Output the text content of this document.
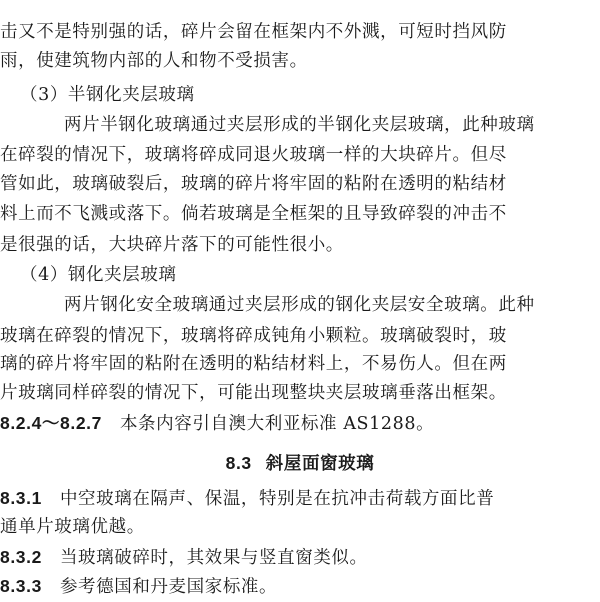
击又不是特别强的话，碎片会留在框架内不外溅，可短时挡风防
雨，使建筑物内部的人和物不受损害。
（3）半钢化夹层玻璃
两片半钢化玻璃通过夹层形成的半钢化夹层玻璃，此种玻璃
在碎裂的情况下，玻璃将碎成同退火玻璃一样的大块碎片。但尽
管如此，玻璃破裂后，玻璃的碎片将牢固的粘附在透明的粘结材
料上而不飞溅或落下。倘若玻璃是全框架的且导致碎裂的冲击不
是很强的话，大块碎片落下的可能性很小。
（4）钢化夹层玻璃
两片钢化安全玻璃通过夹层形成的钢化夹层安全玻璃。此种
玻璃在碎裂的情况下，玻璃将碎成钝角小颗粒。玻璃破裂时，玻
璃的碎片将牢固的粘附在透明的粘结材料上，不易伤人。但在两
片玻璃同样碎裂的情况下，可能出现整块夹层玻璃垂落出框架。
8.2.4～8.2.7 本条内容引自澳大利亚标准 AS1288。
8.3 斜屋面窗玻璃
8.3.1 中空玻璃在隔声、保温，特别是在抗冲击荷载方面比普
通单片玻璃优越。
8.3.2 当玻璃破碎时，其效果与竖直窗类似。
8.3.3 参考德国和丹麦国家标准。
